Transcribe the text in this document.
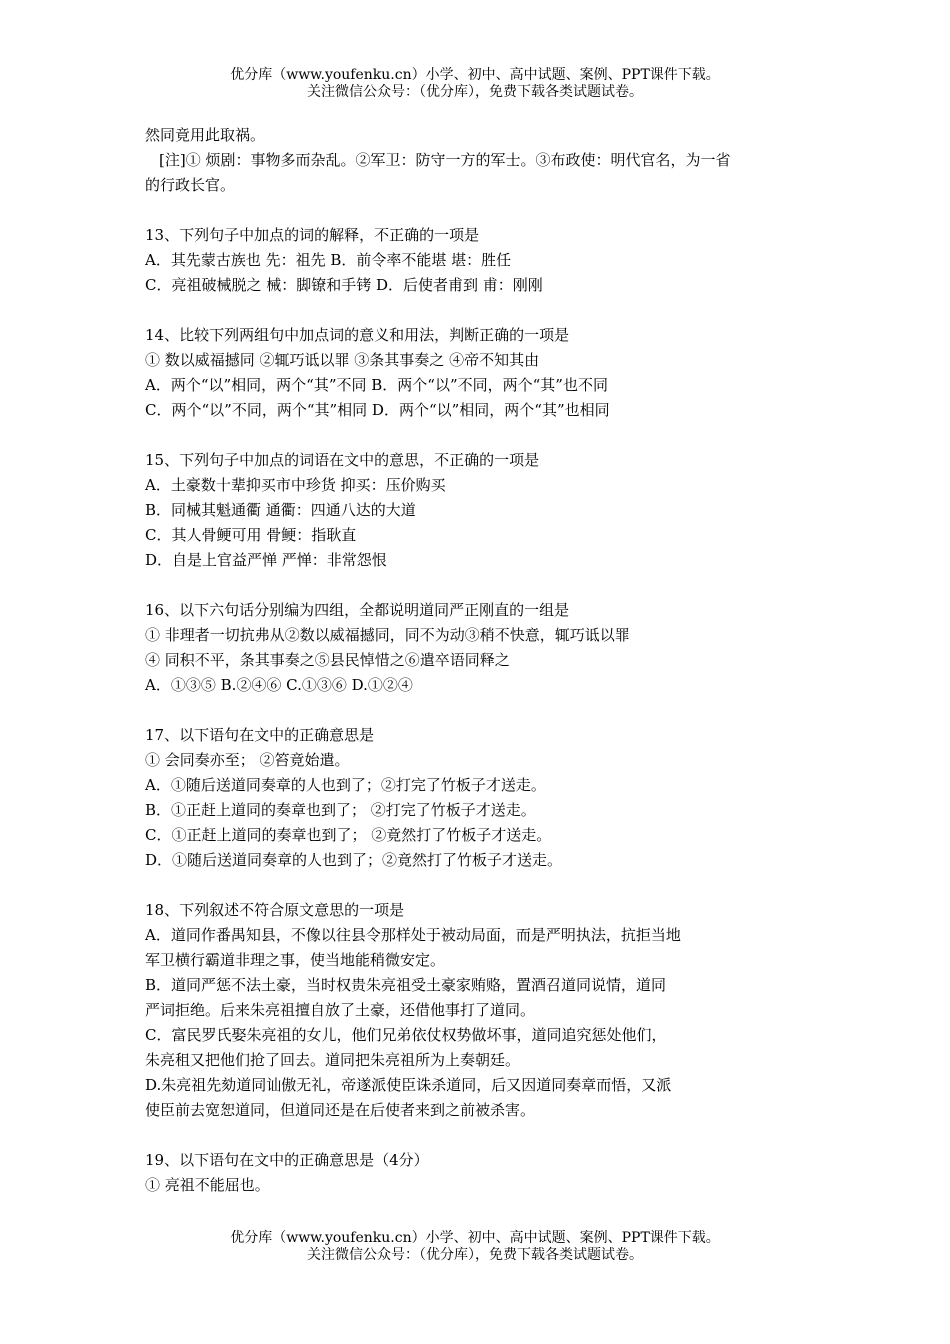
优分库（www.youfenku.cn）小学、初中、高中试题、案例、PPT课件下载。
关注微信公众号：（优分库），免费下载各类试题试卷。
然同竟用此取祸。
[注]① 烦剧：事物多而杂乱。②军卫：防守一方的军士。③布政使：明代官名，为一省
的行政长官。
13、下列句子中加点的词的解释，不正确的一项是
A．其先蒙古族也 先：祖先 B．前令率不能堪 堪：胜任
C．亮祖破械脱之 械：脚镣和手铐 D．后使者甫到 甫：刚刚
14、比较下列两组句中加点词的意义和用法，判断正确的一项是
① 数以威福撼同 ②辄巧诋以罪 ③条其事奏之 ④帝不知其由
A．两个“以”相同，两个“其”不同 B．两个“以”不同，两个“其”也不同
C．两个“以”不同，两个“其”相同 D．两个“以”相同，两个“其”也相同
15、下列句子中加点的词语在文中的意思，不正确的一项是
A．土豪数十辈抑买市中珍货 抑买：压价购买
B．同械其魁通衢 通衢：四通八达的大道
C．其人骨鲠可用 骨鲠：指耿直
D．自是上官益严惮 严惮：非常怨恨
16、以下六句话分别编为四组，全都说明道同严正刚直的一组是
① 非理者一切抗弗从②数以威福撼同，同不为动③稍不快意，辄巧诋以罪
④ 同积不平，条其事奏之⑤县民悼惜之⑥遣卒语同释之
A．①③⑤ B.②④⑥ C.①③⑥ D.①②④
17、以下语句在文中的正确意思是
① 会同奏亦至； ②笞竟始遣。
A．①随后送道同奏章的人也到了；②打完了竹板子才送走。
B．①正赶上道同的奏章也到了； ②打完了竹板子才送走。
C．①正赶上道同的奏章也到了； ②竟然打了竹板子才送走。
D．①随后送道同奏章的人也到了；②竟然打了竹板子才送走。
18、下列叙述不符合原文意思的一项是
A．道同作番禺知县，不像以往县令那样处于被动局面，而是严明执法，抗拒当地
军卫横行霸道非理之事，使当地能稍微安定。
B．道同严惩不法土豪，当时权贵朱亮祖受土豪家贿赂，置酒召道同说情，道同
严词拒绝。后来朱亮祖擅自放了土豪，还借他事打了道同。
C．富民罗氏娶朱亮祖的女儿，他们兄弟依仗权势做坏事，道同追究惩处他们，
朱亮租又把他们抢了回去。道同把朱亮祖所为上奏朝廷。
D.朱亮祖先劾道同讪傲无礼，帝遂派使臣诛杀道同，后又因道同奏章而悟，又派
使臣前去宽恕道同，但道同还是在后使者来到之前被杀害。
19、以下语句在文中的正确意思是（4分）
① 亮祖不能屈也。
优分库（www.youfenku.cn）小学、初中、高中试题、案例、PPT课件下载。
关注微信公众号：（优分库），免费下载各类试题试卷。
